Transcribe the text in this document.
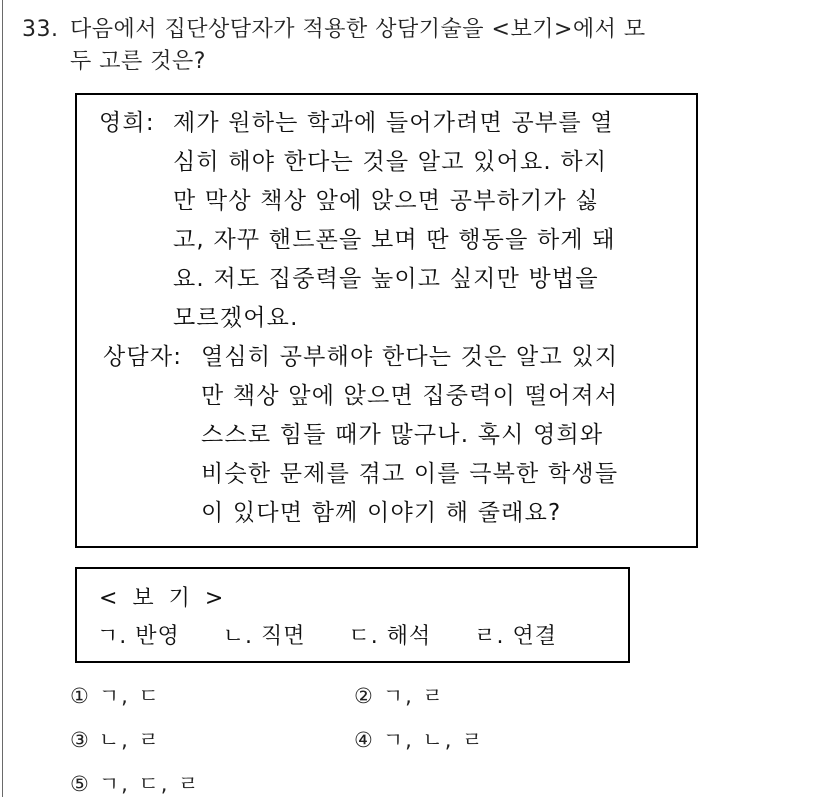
33. 다음에서 집단상담자가 적용한 상담기술을 <보기>에서 모
두 고른 것은?
영희: 제가 원하는 학과에 들어가려면 공부를 열
심히 해야 한다는 것을 알고 있어요. 하지
만 막상 책상 앞에 앉으면 공부하기가 싫
고, 자꾸 핸드폰을 보며 딴 행동을 하게 돼
요. 저도 집중력을 높이고 싶지만 방법을
모르겠어요.
상담자: 열심히 공부해야 한다는 것은 알고 있지
만 책상 앞에 앉으면 집중력이 떨어져서
스스로 힘들 때가 많구나. 혹시 영희와
비슷한 문제를 겪고 이를 극복한 학생들
이 있다면 함께 이야기 해 줄래요?
< 보 기 >
ㄱ. 반영 ㄴ. 직면 ㄷ. 해석 ㄹ. 연결
① ㄱ, ㄷ	② ㄱ, ㄹ
③ ㄴ, ㄹ	④ ㄱ, ㄴ, ㄹ
⑤ ㄱ, ㄷ, ㄹ
